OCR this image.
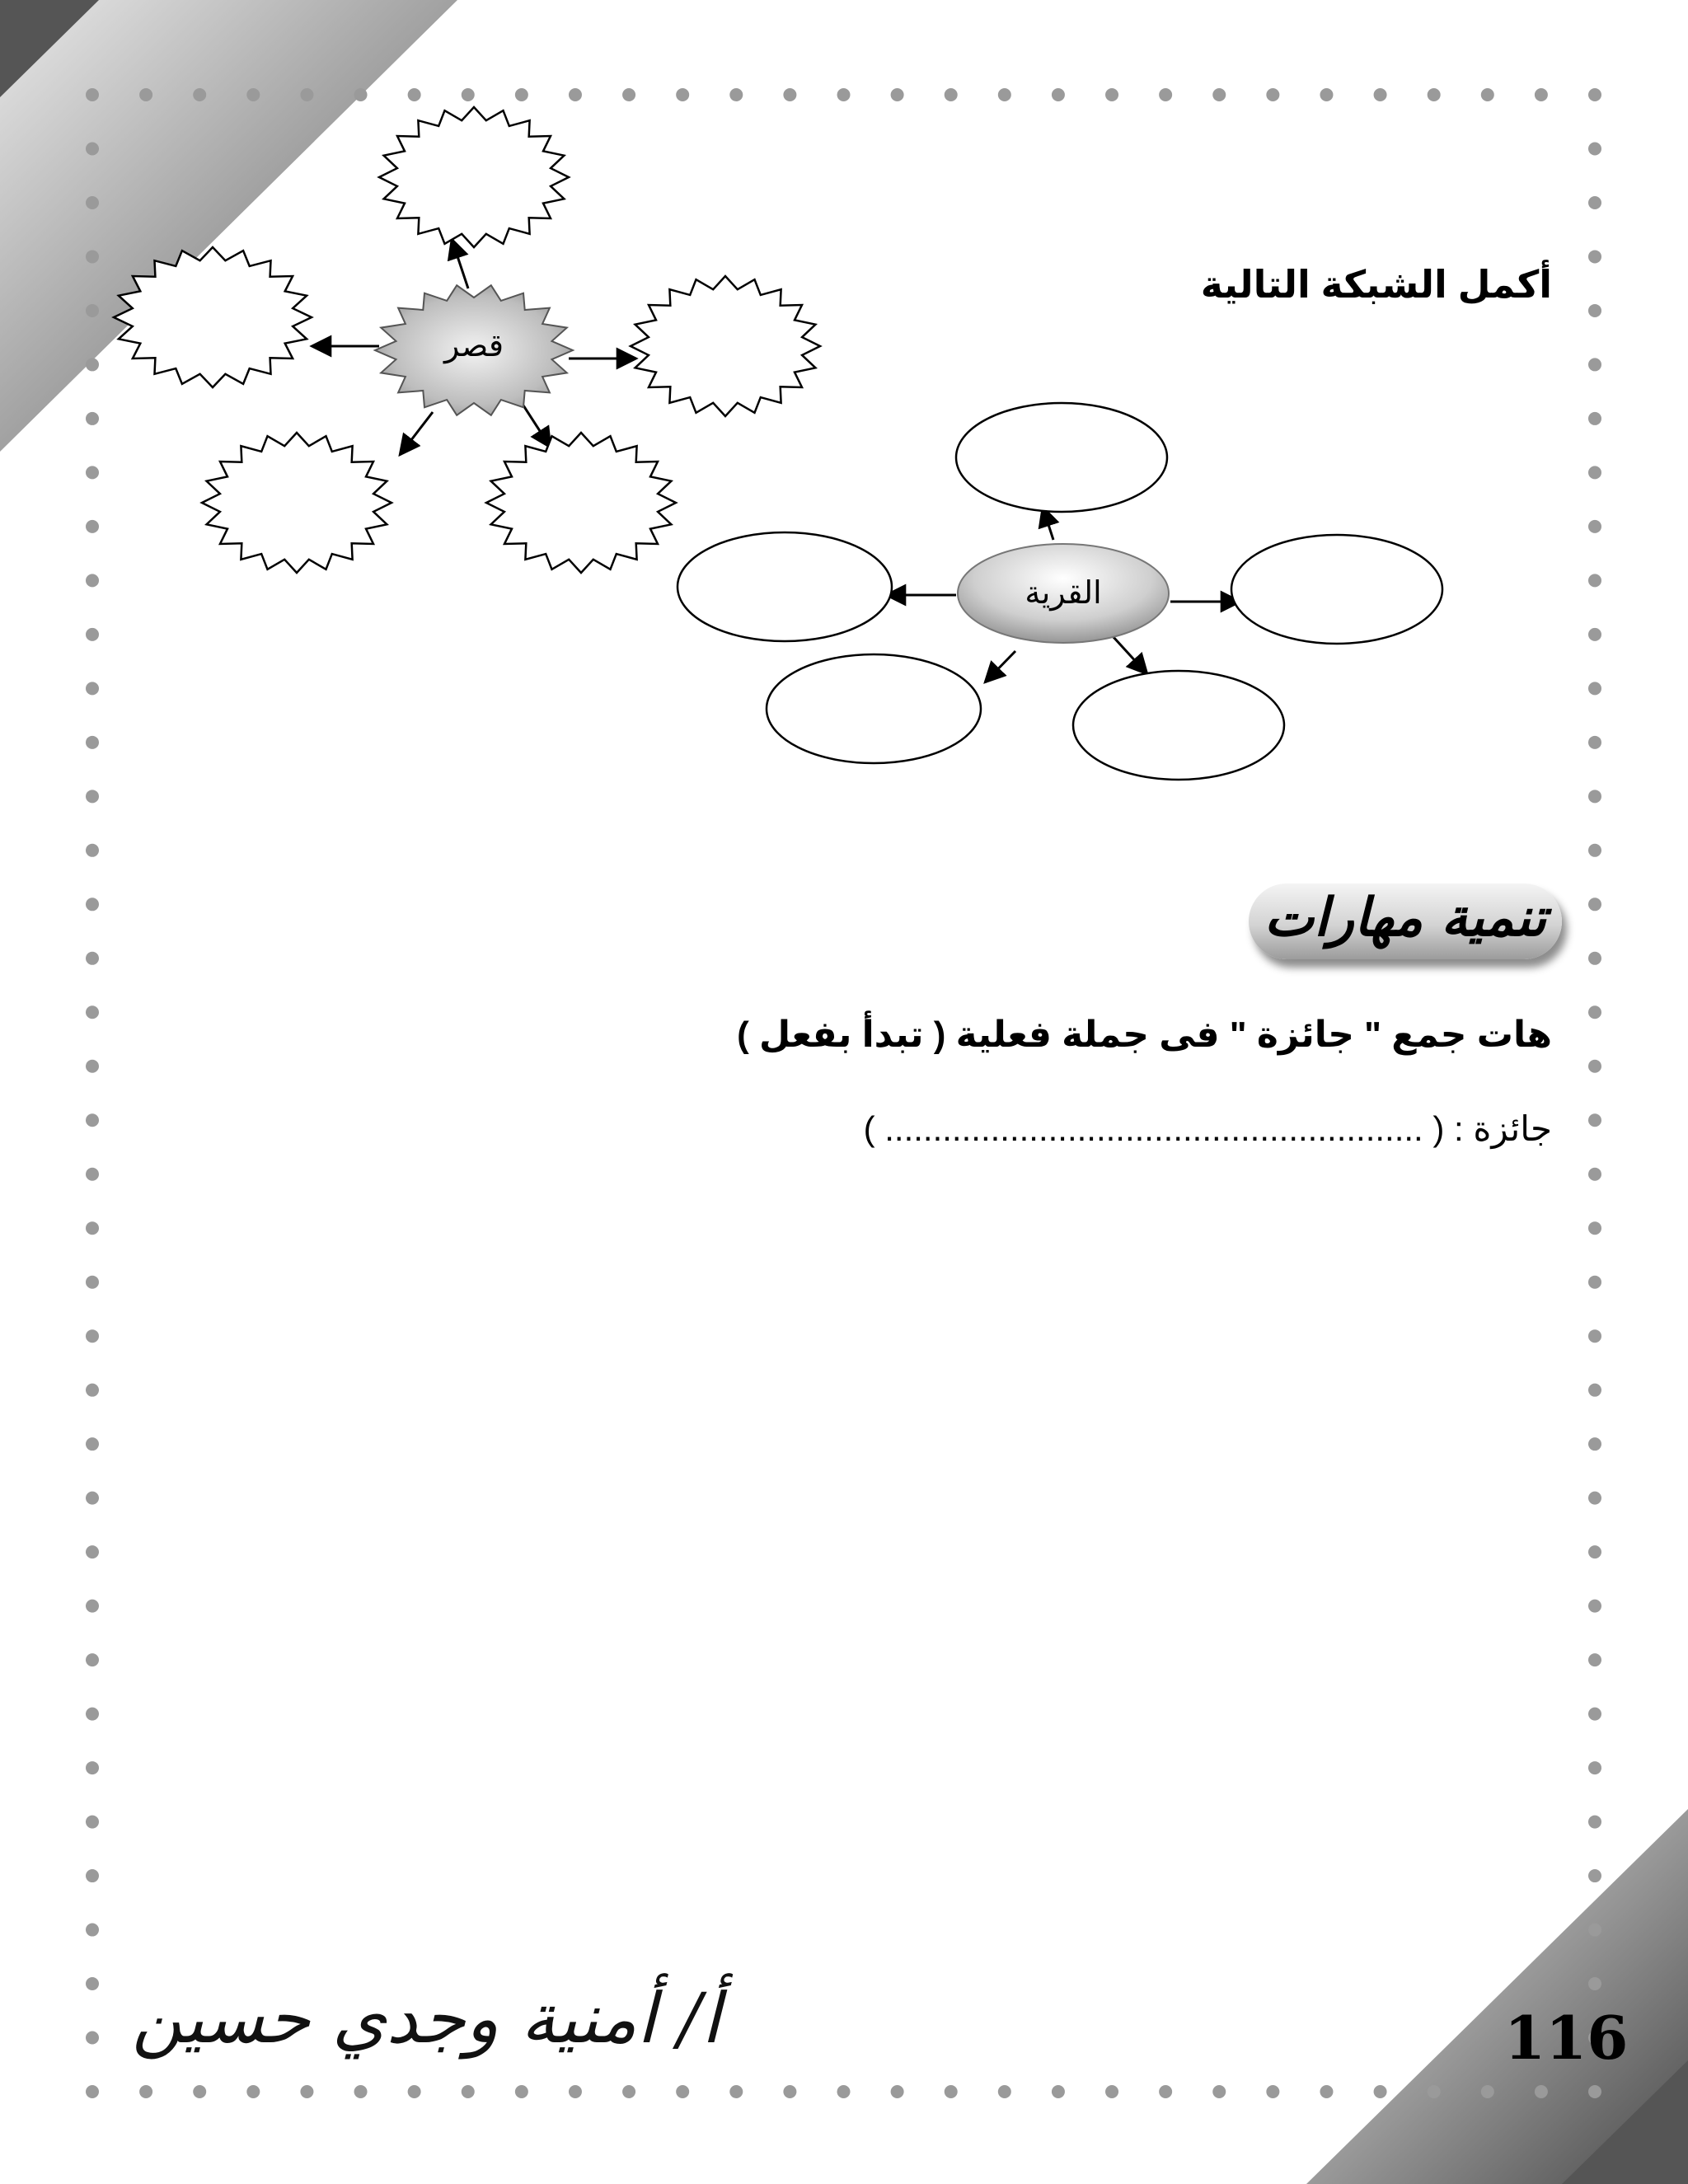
قصر
القرية
أكمل الشبكة التالية
تنمية مهارات
هات جمع " جائزة " فى جملة فعلية ( تبدأ بفعل )
جائزة : ( ........................................................ )
أ/ أمنية وجدي حسين	116
